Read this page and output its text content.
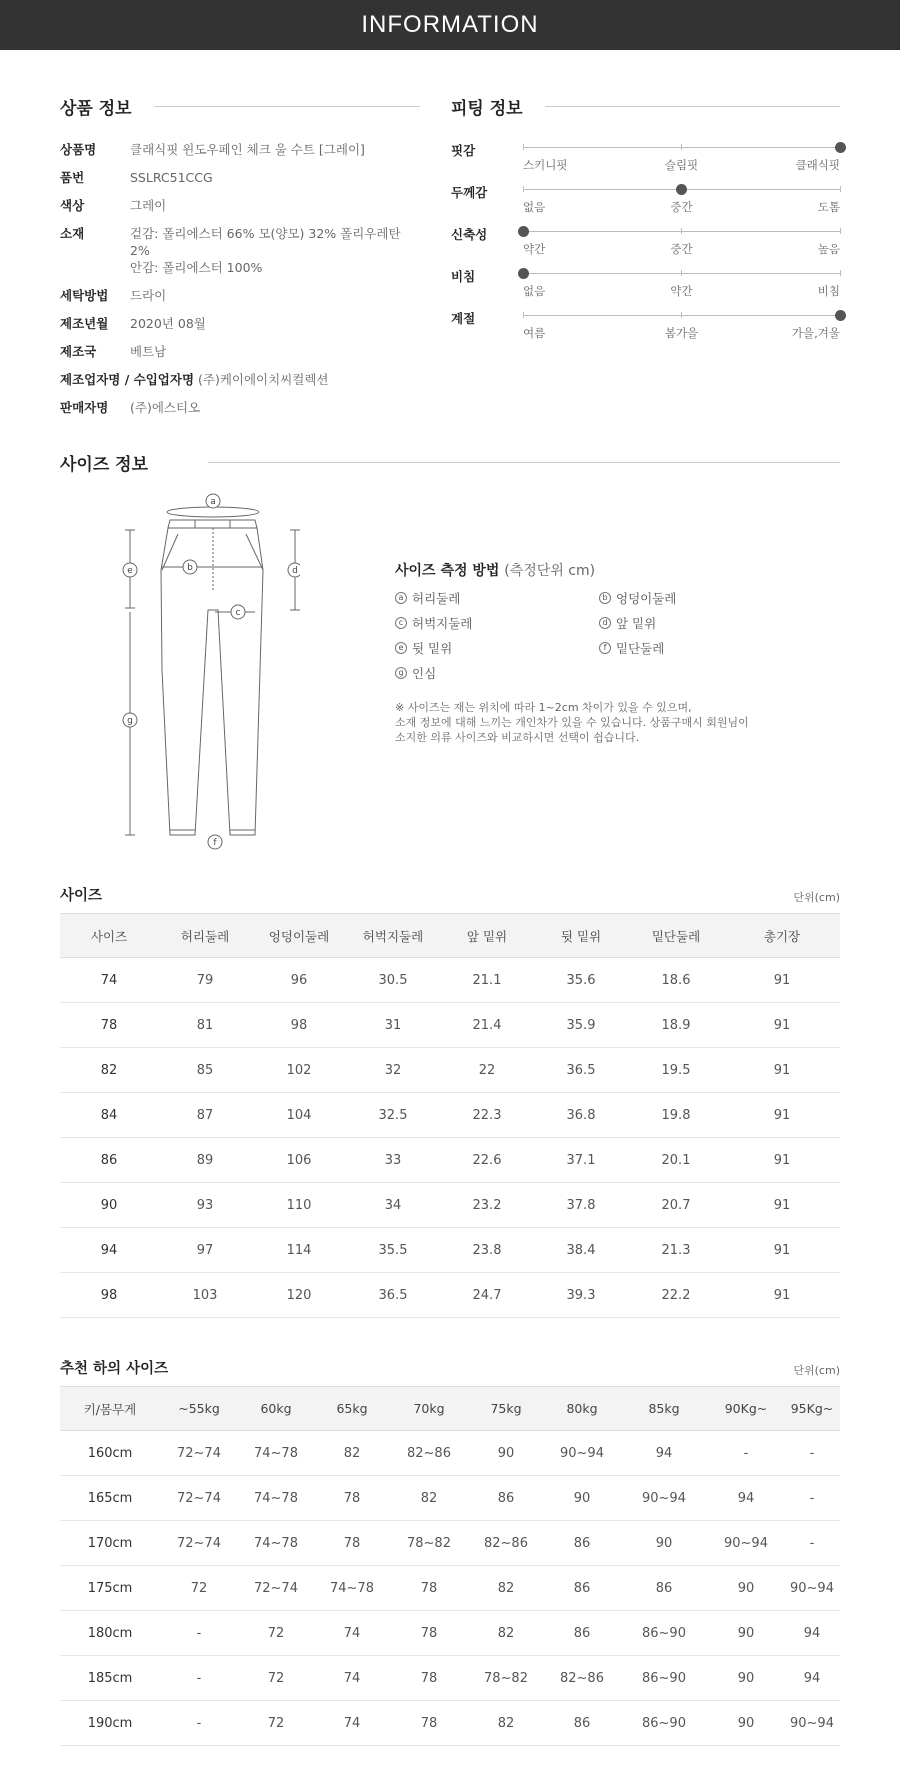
INFORMATION
상품 정보
상품명	클래식핏 윈도우페인 체크 울 수트 [그레이]
품번	SSLRC51CCG
색상	그레이
소재	겉감: 폴리에스터 66% 모(양모) 32% 폴리우레탄 2%
안감: 폴리에스터 100%
세탁방법	드라이
제조년월	2020년 08월
제조국	베트남
제조업자명 / 수입업자명 (주)케이에이치씨컬렉션
판매자명	(주)에스티오
피팅 정보
핏감
스키니핏	슬림핏	클래식핏
두께감
없음	중간	도톰
신축성
약간	중간	높음
비침
없음	약간	비침
계절
여름	봄가을	가을,겨울
사이즈 정보
a
b
c
d
e
f
g
사이즈 측정 방법 (측정단위 cm)
a 허리둘레	b 엉덩이둘레
c 허벅지둘레	d 앞 밑위
e 뒷 밑위	f 밑단둘레
g 인심
※ 사이즈는 재는 위치에 따라 1~2cm 차이가 있을 수 있으며,
소재 정보에 대해 느끼는 개인차가 있을 수 있습니다. 상품구매시 회원님이
소지한 의류 사이즈와 비교하시면 선택이 쉽습니다.
사이즈	단위(cm)
사이즈	허리둘레	엉덩이둘레	허벅지둘레	앞 밑위	뒷 밑위	밑단둘레	총기장
74	79	96	30.5	21.1	35.6	18.6	91
78	81	98	31	21.4	35.9	18.9	91
82	85	102	32	22	36.5	19.5	91
84	87	104	32.5	22.3	36.8	19.8	91
86	89	106	33	22.6	37.1	20.1	91
90	93	110	34	23.2	37.8	20.7	91
94	97	114	35.5	23.8	38.4	21.3	91
98	103	120	36.5	24.7	39.3	22.2	91
추천 하의 사이즈	단위(cm)
키/몸무게	~55kg	60kg	65kg	70kg	75kg	80kg	85kg	90Kg~	95Kg~
160cm	72~74	74~78	82	82~86	90	90~94	94	-	-
165cm	72~74	74~78	78	82	86	90	90~94	94	-
170cm	72~74	74~78	78	78~82	82~86	86	90	90~94	-
175cm	72	72~74	74~78	78	82	86	86	90	90~94
180cm	-	72	74	78	82	86	86~90	90	94
185cm	-	72	74	78	78~82	82~86	86~90	90	94
190cm	-	72	74	78	82	86	86~90	90	90~94
